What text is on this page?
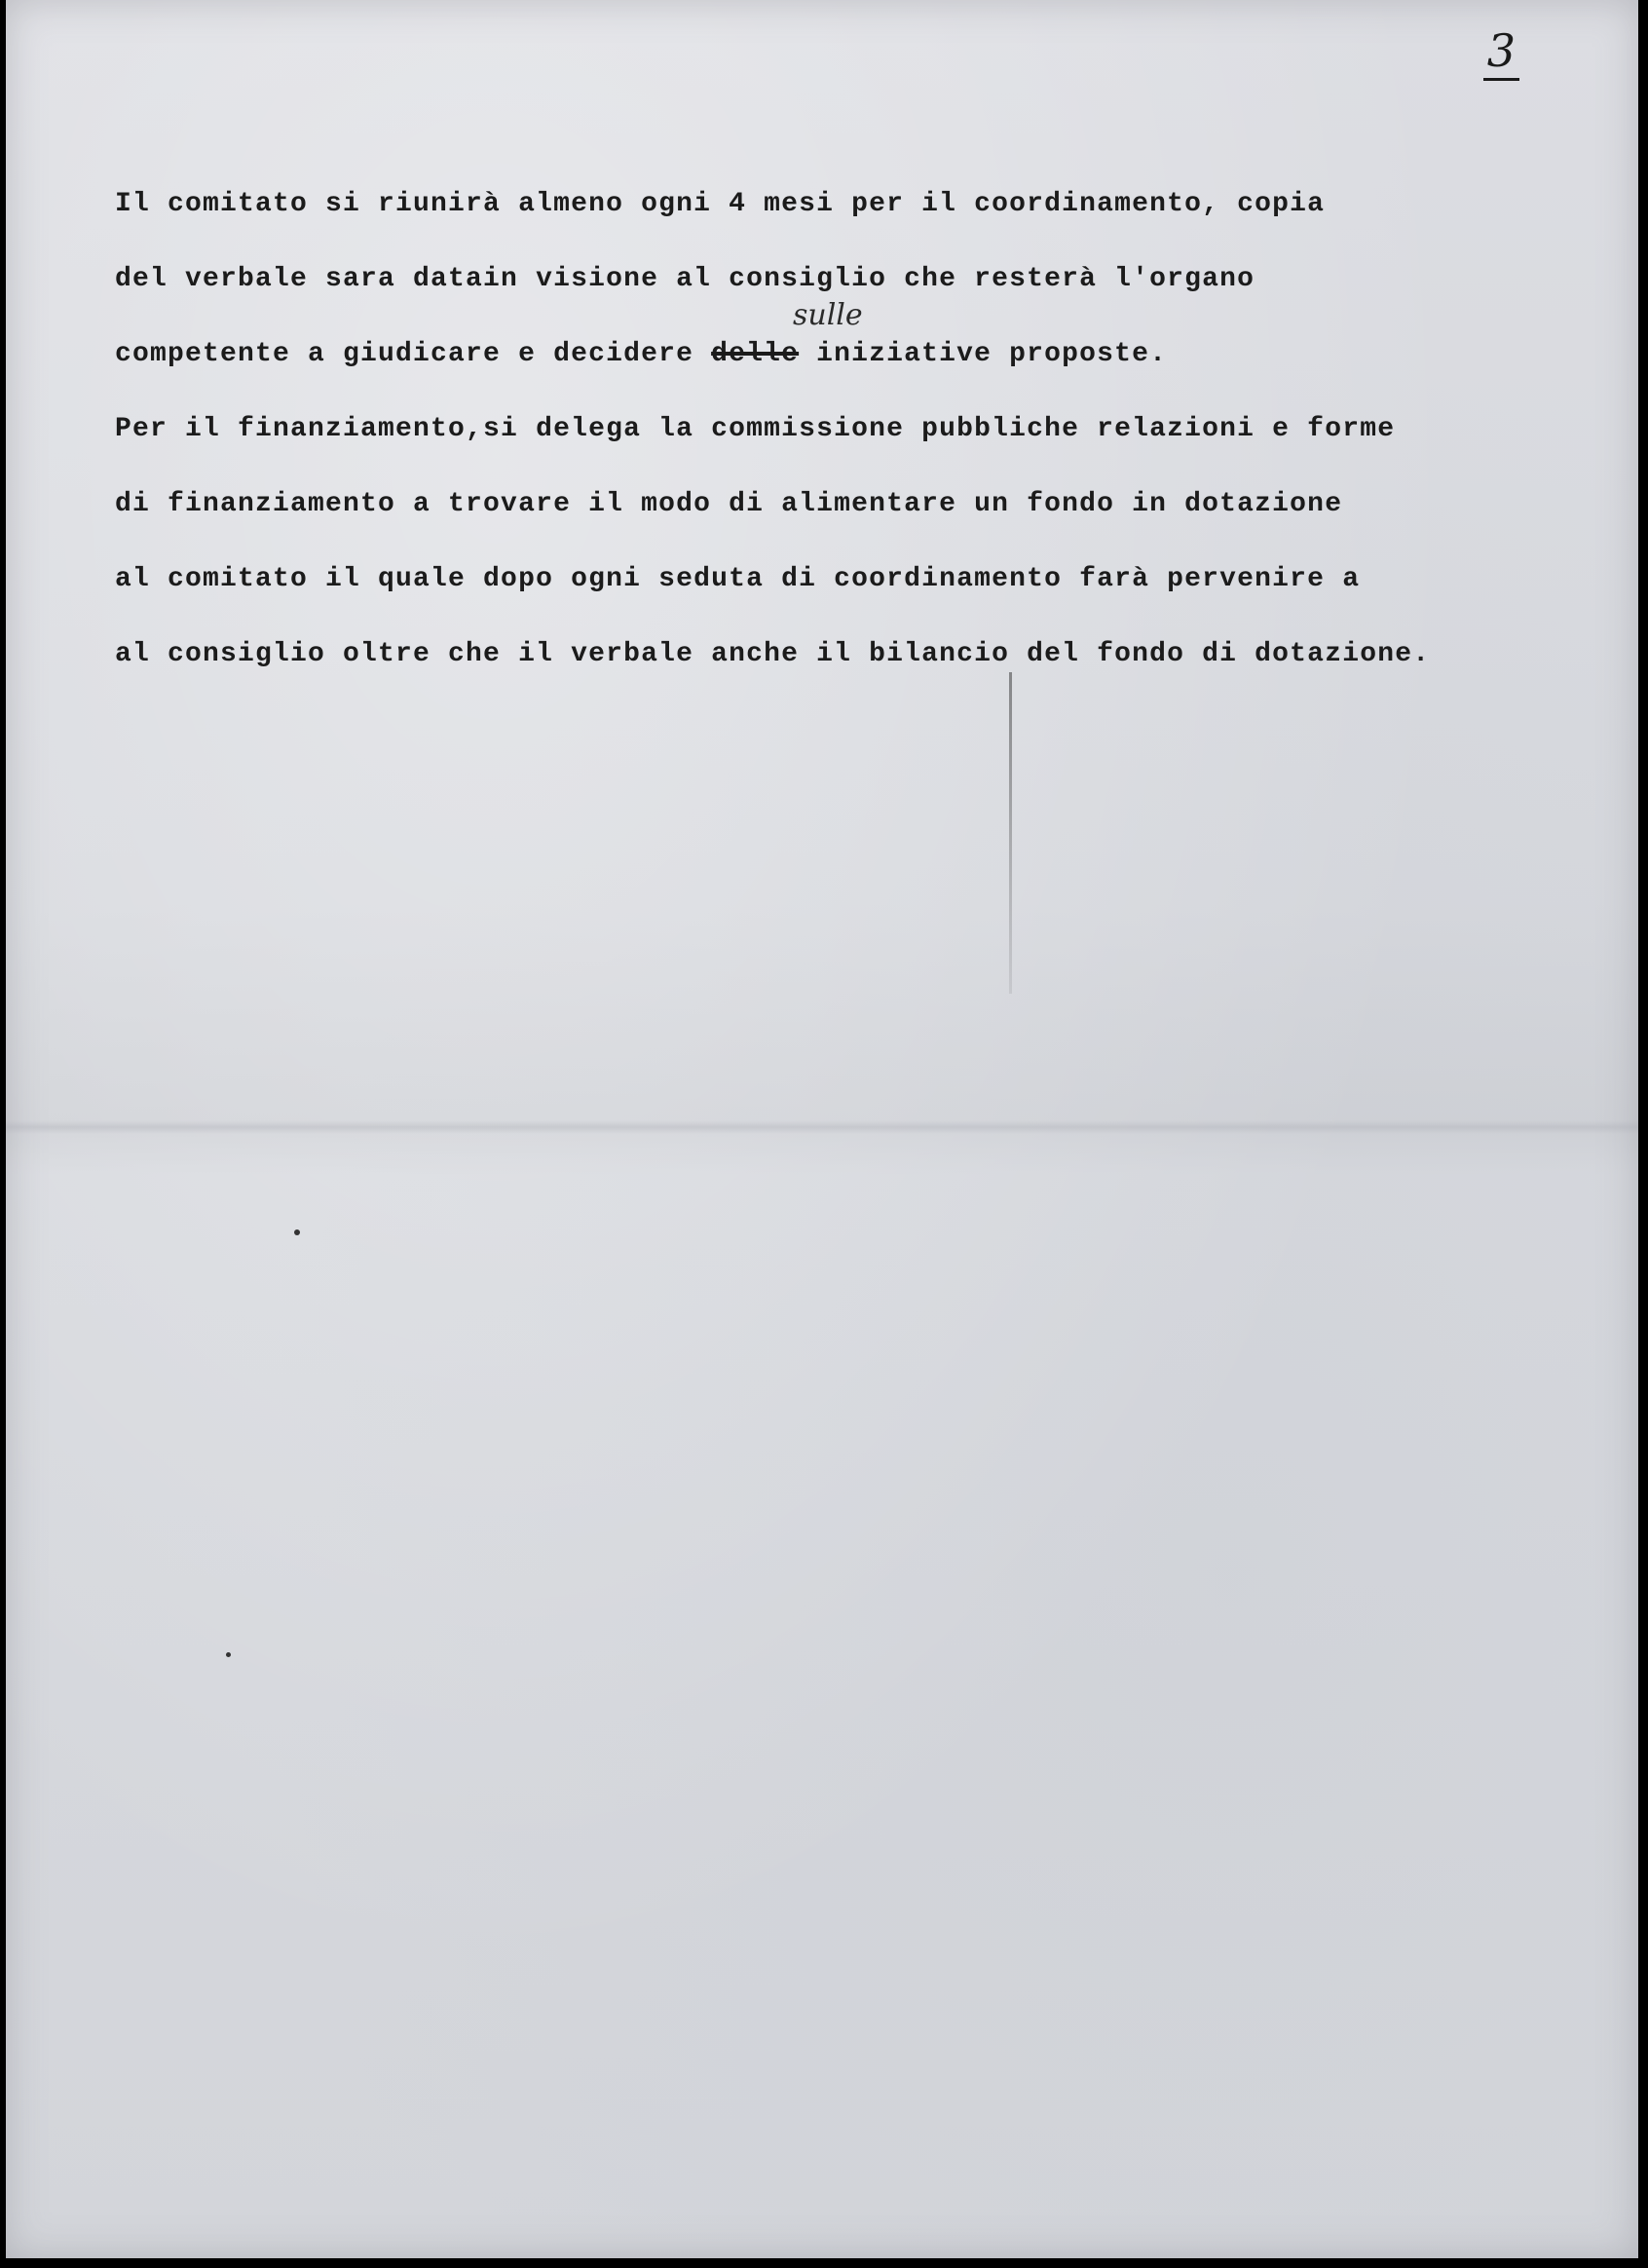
3
Il comitato si riunirà almeno ogni 4 mesi per il coordinamento, copia
del verbale sara datain visione al consiglio che resterà l'organo
competente a giudicare e decidere delle iniziative proposte.
sulle
Per il finanziamento,si delega la commissione pubbliche relazioni e forme
di finanziamento a trovare il modo di alimentare un fondo in dotazione
al comitato il quale dopo ogni seduta di coordinamento farà pervenire a
al consiglio oltre che il verbale anche il bilancio del fondo di dotazione.
